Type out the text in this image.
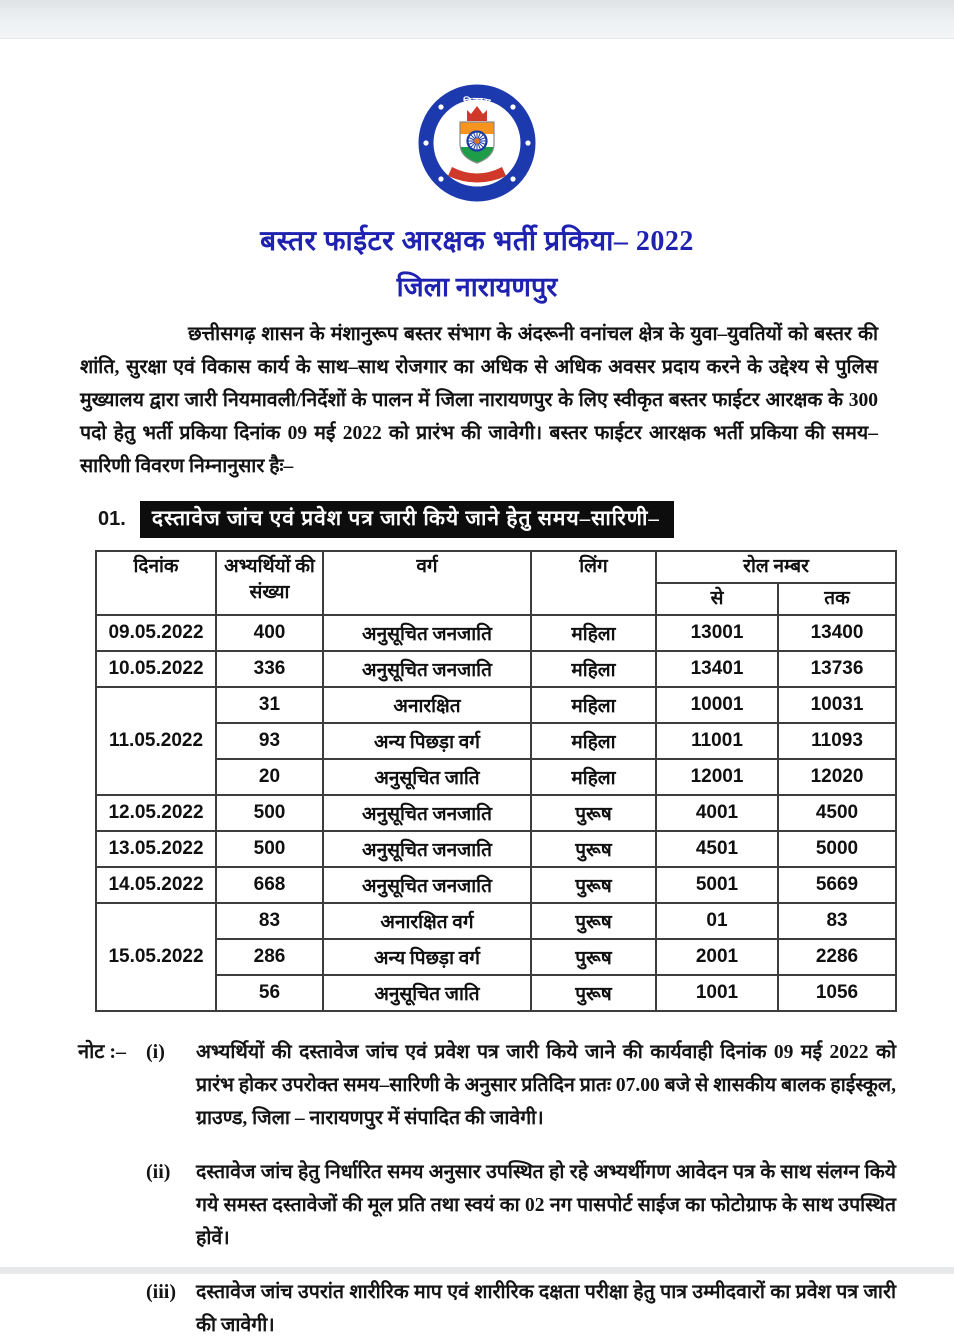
विकास
बस्तर फाईटर आरक्षक भर्ती प्रकिया– 2022
जिला नारायणपुर

छत्तीसगढ़ शासन के मंशानुरूप बस्तर संभाग के अंदरूनी वनांचल क्षेत्र के युवा–युवतियों को बस्तर की शांति, सुरक्षा एवं विकास कार्य के साथ–साथ रोजगार का अधिक से अधिक अवसर प्रदाय करने के उद्देश्य से पुलिस मुख्यालय द्वारा जारी नियमावली/निर्देशों के पालन में जिला नारायणपुर के लिए स्वीकृत बस्तर फाईटर आरक्षक के 300 पदो हेतु भर्ती प्रकिया दिनांक 09 मई 2022 को प्रारंभ की जावेगी। बस्तर फाईटर आरक्षक भर्ती प्रकिया की समय–सारिणी विवरण निम्नानुसार हैः–

01.	दस्तावेज जांच एवं प्रवेश पत्र जारी किये जाने हेतु समय–सारिणी–
दिनांक	अभ्यर्थियों की संख्या	वर्ग	लिंग	रोल नम्बर	
				से	तक
09.05.2022	400	अनुसूचित जनजाति	महिला	13001	13400
10.05.2022	336	अनुसूचित जनजाति	महिला	13401	13736
11.05.2022	31	अनारक्षित	महिला	10001	10031
	93	अन्य पिछड़ा वर्ग	महिला	11001	11093
	20	अनुसूचित जाति	महिला	12001	12020
12.05.2022	500	अनुसूचित जनजाति	पुरूष	4001	4500
13.05.2022	500	अनुसूचित जनजाति	पुरूष	4501	5000
14.05.2022	668	अनुसूचित जनजाति	पुरूष	5001	5669
15.05.2022	83	अनारक्षित वर्ग	पुरूष	01	83
	286	अन्य पिछड़ा वर्ग	पुरूष	2001	2286
	56	अनुसूचित जाति	पुरूष	1001	1056
नोट :– (i)	अभ्यर्थियों की दस्तावेज जांच एवं प्रवेश पत्र जारी किये जाने की कार्यवाही दिनांक 09 मई 2022 को प्रारंभ होकर उपरोक्त समय–सारिणी के अनुसार प्रतिदिन प्रातः 07.00 बजे से शासकीय बालक हाईस्कूल, ग्राउण्ड, जिला – नारायणपुर में संपादित की जावेगी।
(ii)	दस्तावेज जांच हेतु निर्धारित समय अनुसार उपस्थित हो रहे अभ्यर्थीगण आवेदन पत्र के साथ संलग्न किये गये समस्त दस्तावेजों की मूल प्रति तथा स्वयं का 02 नग पासपोर्ट साईज का फोटोग्राफ के साथ उपस्थित होवें।
(iii)	दस्तावेज जांच उपरांत शारीरिक माप एवं शारीरिक दक्षता परीक्षा हेतु पात्र उम्मीदवारों का प्रवेश पत्र जारी की जावेगी।
